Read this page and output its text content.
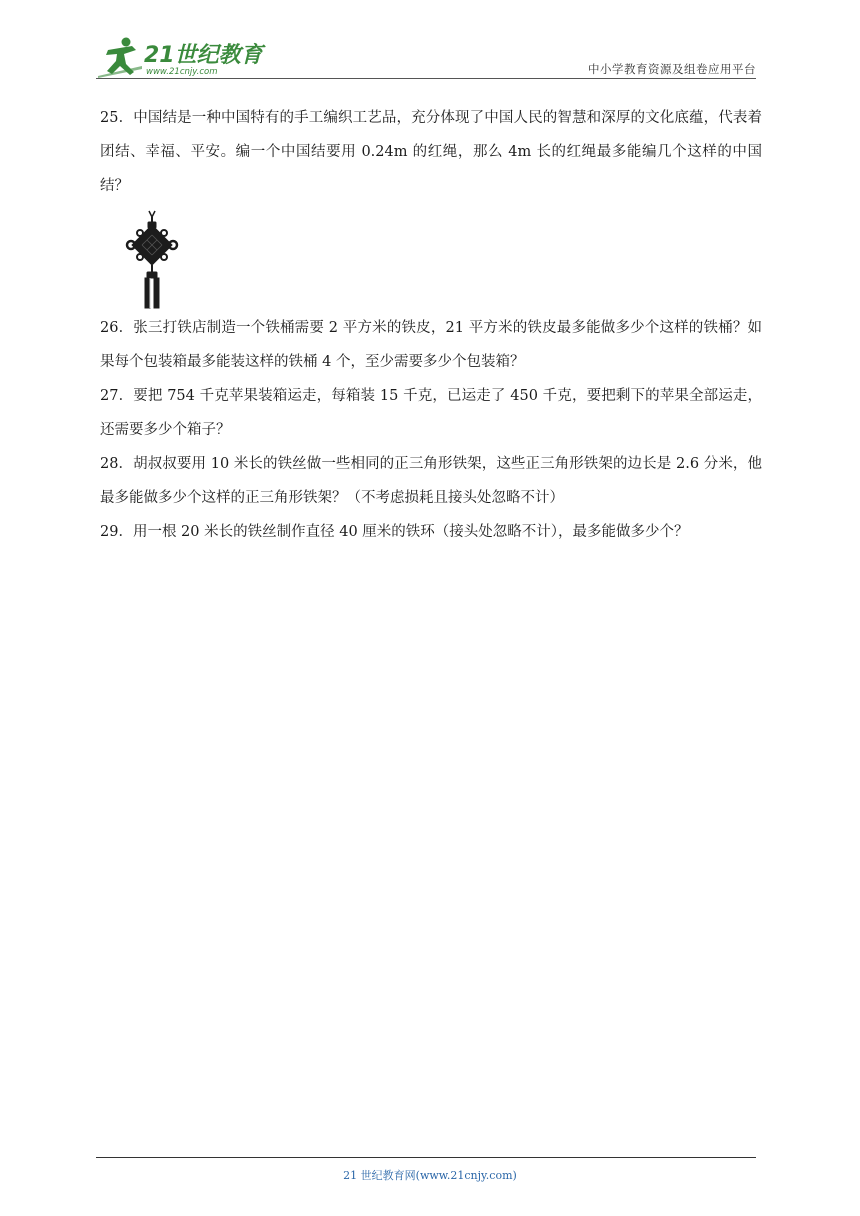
21世纪教育
www.21cnjy.com	中小学教育资源及组卷应用平台

25．中国结是一种中国特有的手工编织工艺品，充分体现了中国人民的智慧和深厚的文化底蕴，代表着团结、幸福、平安。编一个中国结要用 0.24m 的红绳，那么 4m 长的红绳最多能编几个这样的中国结？

26．张三打铁店制造一个铁桶需要 2 平方米的铁皮，21 平方米的铁皮最多能做多少个这样的铁桶？如果每个包装箱最多能装这样的铁桶 4 个，至少需要多少个包装箱？

27．要把 754 千克苹果装箱运走，每箱装 15 千克，已运走了 450 千克，要把剩下的苹果全部运走，还需要多少个箱子？

28．胡叔叔要用 10 米长的铁丝做一些相同的正三角形铁架，这些正三角形铁架的边长是 2.6 分米，他最多能做多少个这样的正三角形铁架？（不考虑损耗且接头处忽略不计）

29．用一根 20 米长的铁丝制作直径 40 厘米的铁环（接头处忽略不计），最多能做多少个？

21 世纪教育网(www.21cnjy.com)
